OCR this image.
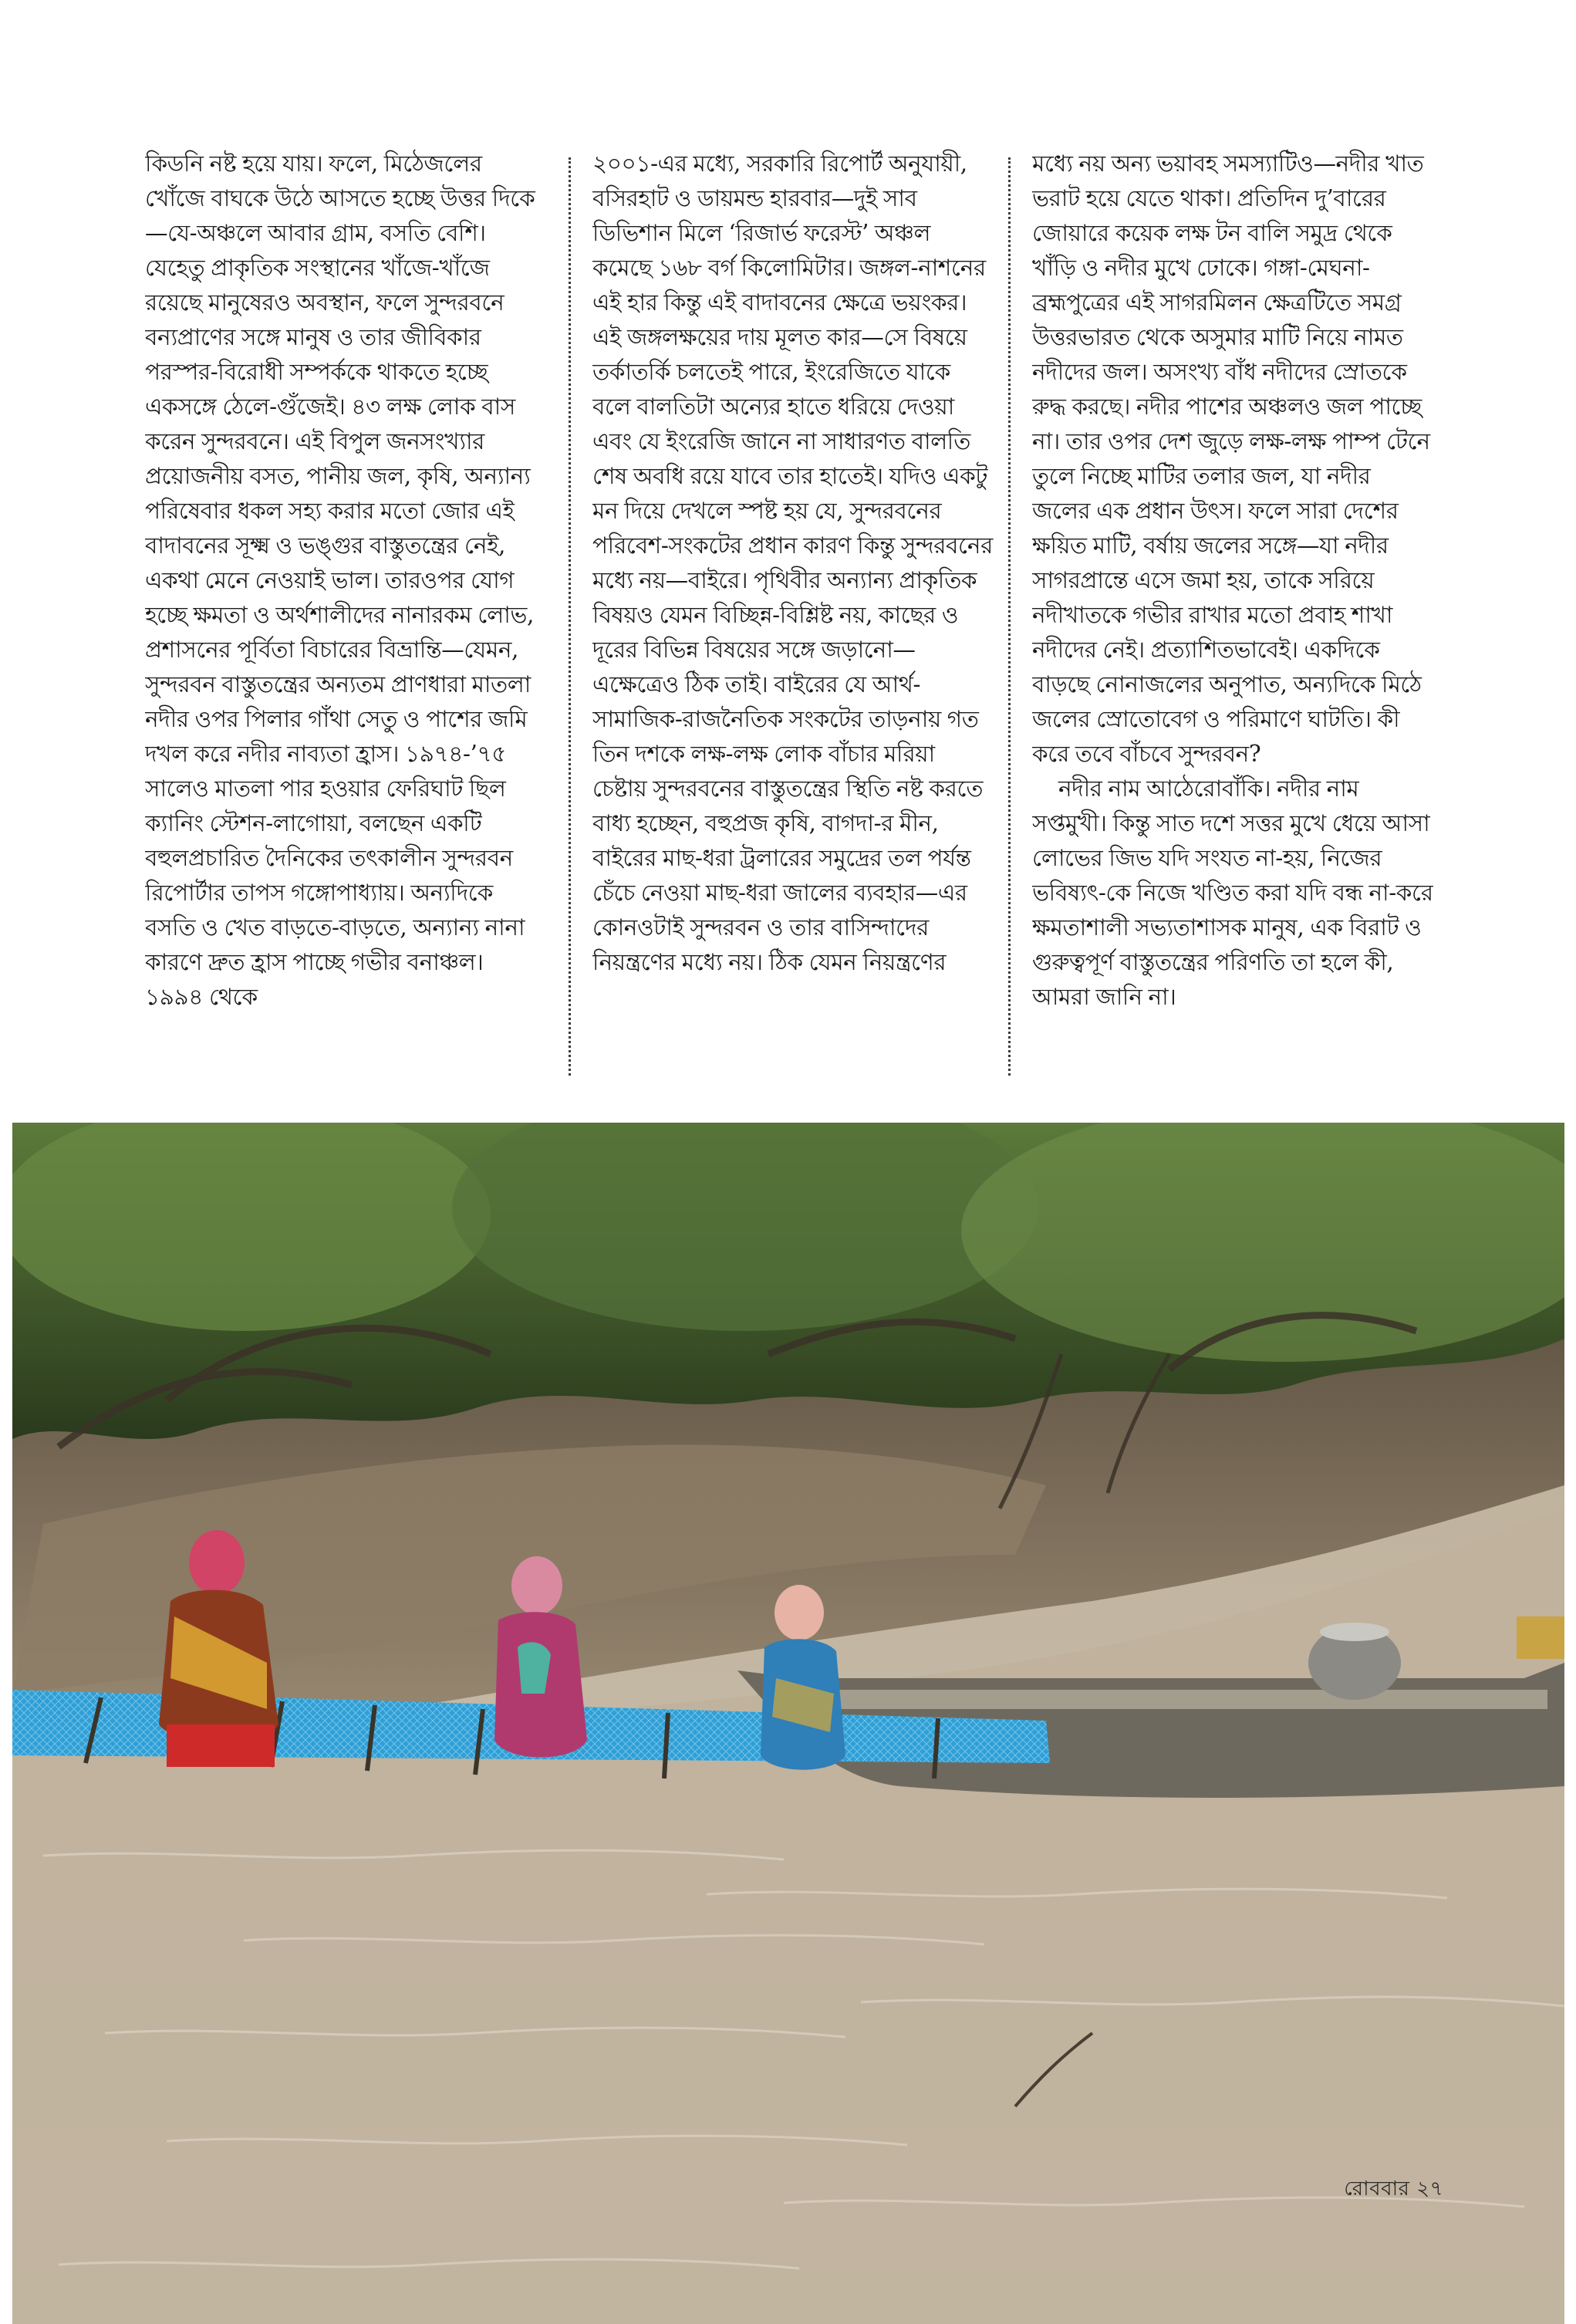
কিডনি নষ্ট হয়ে যায়। ফলে, মিঠেজলের খোঁজে বাঘকে উঠে আসতে হচ্ছে উত্তর দিকে—যে-অঞ্চলে আবার গ্রাম, বসতি বেশি। যেহেতু প্রাকৃতিক সংস্থানের খাঁজে-খাঁজে রয়েছে মানুষেরও অবস্থান, ফলে সুন্দরবনে বন্যপ্রাণের সঙ্গে মানুষ ও তার জীবিকার পরস্পর-বিরোধী সম্পর্ককে থাকতে হচ্ছে একসঙ্গে ঠেলে-গুঁজেই। ৪৩ লক্ষ লোক বাস করেন সুন্দরবনে। এই বিপুল জনসংখ্যার প্রয়োজনীয় বসত, পানীয় জল, কৃষি, অন্যান্য পরিষেবার ধকল সহ্য করার মতো জোর এই বাদাবনের সূক্ষ্ম ও ভঙ্গুর বাস্তুতন্ত্রের নেই, একথা মেনে নেওয়াই ভাল। তারওপর যোগ হচ্ছে ক্ষমতা ও অর্থশালীদের নানারকম লোভ, প্রশাসনের পূর্বিতা বিচারের বিভ্রান্তি—যেমন, সুন্দরবন বাস্তুতন্ত্রের অন্যতম প্রাণধারা মাতলা নদীর ওপর পিলার গাঁথা সেতু ও পাশের জমি দখল করে নদীর নাব্যতা হ্রাস। ১৯৭৪-’৭৫ সালেও মাতলা পার হওয়ার ফেরিঘাট ছিল ক্যানিং স্টেশন-লাগোয়া, বলছেন একটি বহুলপ্রচারিত দৈনিকের তৎকালীন সুন্দরবন রিপোর্টার তাপস গঙ্গোপাধ্যায়। অন্যদিকে বসতি ও খেত বাড়তে-বাড়তে, অন্যান্য নানা কারণে দ্রুত হ্রাস পাচ্ছে গভীর বনাঞ্চল। ১৯৯৪ থেকে

২০০১-এর মধ্যে, সরকারি রিপোর্ট অনুযায়ী, বসিরহাট ও ডায়মন্ড হারবার—দুই সাব ডিভিশান মিলে ‘রিজার্ভ ফরেস্ট’ অঞ্চল কমেছে ১৬৮ বর্গ কিলোমিটার। জঙ্গল-নাশনের এই হার কিন্তু এই বাদাবনের ক্ষেত্রে ভয়ংকর। এই জঙ্গলক্ষয়ের দায় মূলত কার—সে বিষয়ে তর্কাতর্কি চলতেই পারে, ইংরেজিতে যাকে বলে বালতিটা অন্যের হাতে ধরিয়ে দেওয়া এবং যে ইংরেজি জানে না সাধারণত বালতি শেষ অবধি রয়ে যাবে তার হাতেই। যদিও একটু মন দিয়ে দেখলে স্পষ্ট হয় যে, সুন্দরবনের পরিবেশ-সংকটের প্রধান কারণ কিন্তু সুন্দরবনের মধ্যে নয়—বাইরে। পৃথিবীর অন্যান্য প্রাকৃতিক বিষয়ও যেমন বিচ্ছিন্ন-বিশ্লিষ্ট নয়, কাছের ও দূরের বিভিন্ন বিষয়ের সঙ্গে জড়ানো—এক্ষেত্রেও ঠিক তাই। বাইরের যে আর্থ-সামাজিক-রাজনৈতিক সংকটের তাড়নায় গত তিন দশকে লক্ষ-লক্ষ লোক বাঁচার মরিয়া চেষ্টায় সুন্দরবনের বাস্তুতন্ত্রের স্থিতি নষ্ট করতে বাধ্য হচ্ছেন, বহুপ্রজ কৃষি, বাগদা-র মীন, বাইরের মাছ-ধরা ট্রলারের সমুদ্রের তল পর্যন্ত চেঁচে নেওয়া মাছ-ধরা জালের ব্যবহার—এর কোনওটাই সুন্দরবন ও তার বাসিন্দাদের নিয়ন্ত্রণের মধ্যে নয়। ঠিক যেমন নিয়ন্ত্রণের

মধ্যে নয় অন্য ভয়াবহ সমস্যাটিও—নদীর খাত ভরাট হয়ে যেতে থাকা। প্রতিদিন দু’বারের জোয়ারে কয়েক লক্ষ টন বালি সমুদ্র থেকে খাঁড়ি ও নদীর মুখে ঢোকে। গঙ্গা-মেঘনা-ব্রহ্মপুত্রের এই সাগরমিলন ক্ষেত্রটিতে সমগ্র উত্তরভারত থেকে অসুমার মাটি নিয়ে নামত নদীদের জল। অসংখ্য বাঁধ নদীদের স্রোতকে রুদ্ধ করছে। নদীর পাশের অঞ্চলও জল পাচ্ছে না। তার ওপর দেশ জুড়ে লক্ষ-লক্ষ পাম্প টেনে তুলে নিচ্ছে মাটির তলার জল, যা নদীর জলের এক প্রধান উৎস। ফলে সারা দেশের ক্ষয়িত মাটি, বর্ষায় জলের সঙ্গে—যা নদীর সাগরপ্রান্তে এসে জমা হয়, তাকে সরিয়ে নদীখাতকে গভীর রাখার মতো প্রবাহ শাখা নদীদের নেই। প্রত্যাশিতভাবেই। একদিকে বাড়ছে নোনাজলের অনুপাত, অন্যদিকে মিঠে জলের স্রোতোবেগ ও পরিমাণে ঘাটতি। কী করে তবে বাঁচবে সুন্দরবন?

নদীর নাম আঠেরোবাঁকি। নদীর নাম সপ্তমুখী। কিন্তু সাত দশে সত্তর মুখে ধেয়ে আসা লোভের জিভ যদি সংযত না-হয়, নিজের ভবিষ্যৎ-কে নিজে খণ্ডিত করা যদি বন্ধ না-করে ক্ষমতাশালী সভ্যতাশাসক মানুষ, এক বিরাট ও গুরুত্বপূর্ণ বাস্তুতন্ত্রের পরিণতি তা হলে কী, আমরা জানি না।

রোববার ২৭
